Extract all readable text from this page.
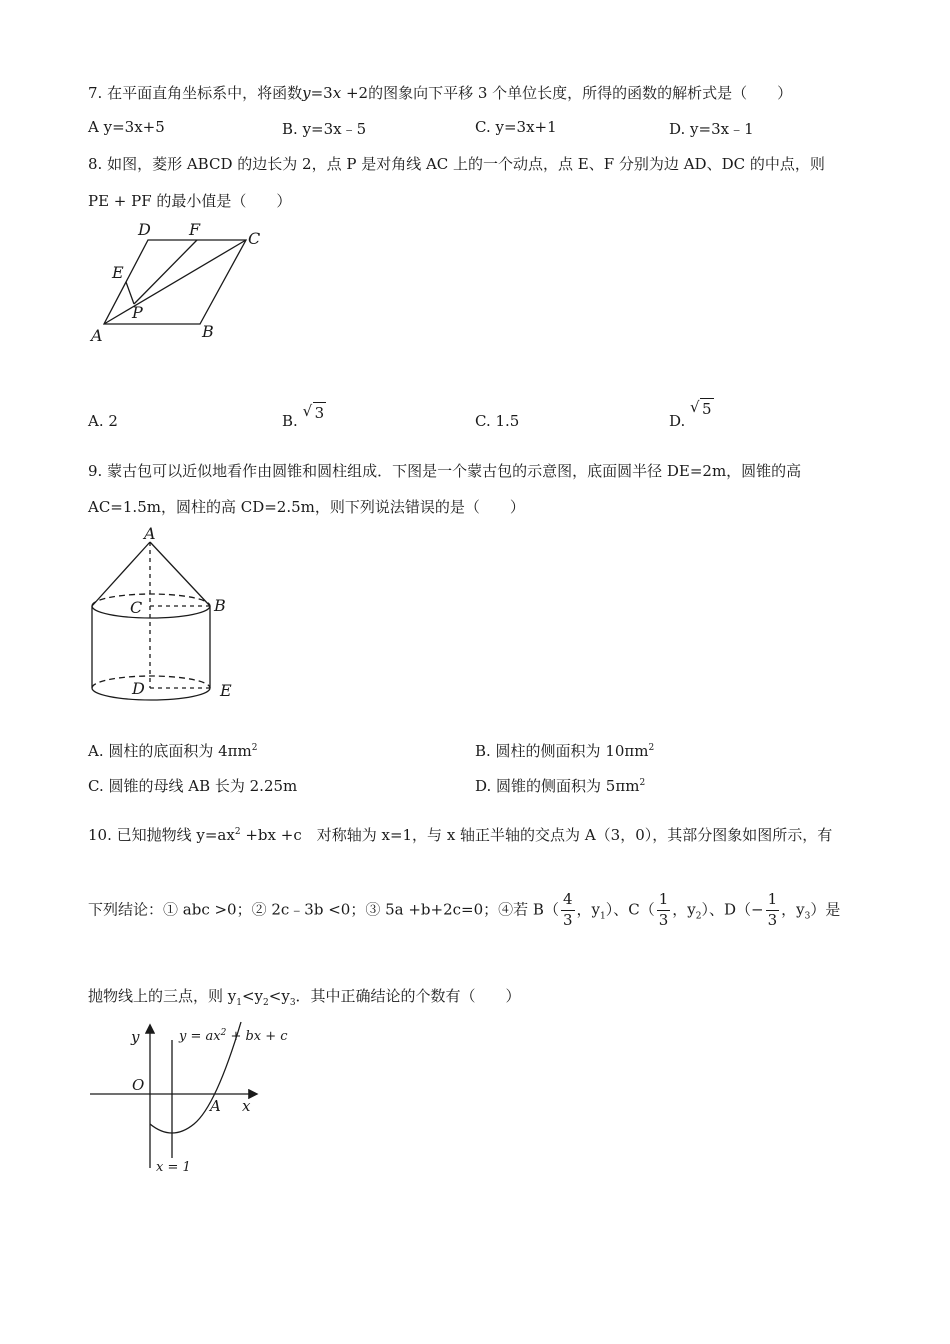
7. 在平面直角坐标系中，将函数y=3x +2的图象向下平移 3 个单位长度，所得的函数的解析式是（　　）
A y=3x+5	B. y=3x﹣5	C. y=3x+1	D. y=3x﹣1
8. 如图，菱形 ABCD 的边长为 2，点 P 是对角线 AC 上的一个动点，点 E、F 分别为边 AD、DC 的中点，则
PE + PF 的最小值是（　　）
D F	C
E
P
A	B
A. 2	B.
√ 3	C. 1.5	D.
√ 5
9. 蒙古包可以近似地看作由圆锥和圆柱组成．下图是一个蒙古包的示意图，底面圆半径 DE=2m，圆锥的高
AC=1.5m，圆柱的高 CD=2.5m，则下列说法错误的是（　　）
A
C	B
D	E
A. 圆柱的底面积为 $4\pi m^2$	B. 圆柱的侧面积为 $10\pi m^2$
C. 圆锥的母线 AB 长为 2.25m	D. 圆锥的侧面积为 $5\pi m^2$
10. 已知抛物线 $y=ax^2 +bx +c$　对称轴为 x=1，与 x 轴正半轴的交点为 A（3，0），其部分图象如图所示，有
下列结论：① abc >0；② 2c﹣3b <0；③ 5a +b+2c=0；④若 $B( \frac{4}{3}$ ，$y_1$）、$C( \frac{1}{3}$ ，$y_2$）、$D(- \frac{1}{3}$ ，$y_3$）是
抛物线上的三点，则 $y_1<y_2<y_3$．其中正确结论的个数有（　　）
y
x
O
A
$y = ax^2$ + bx + c
x = 1
